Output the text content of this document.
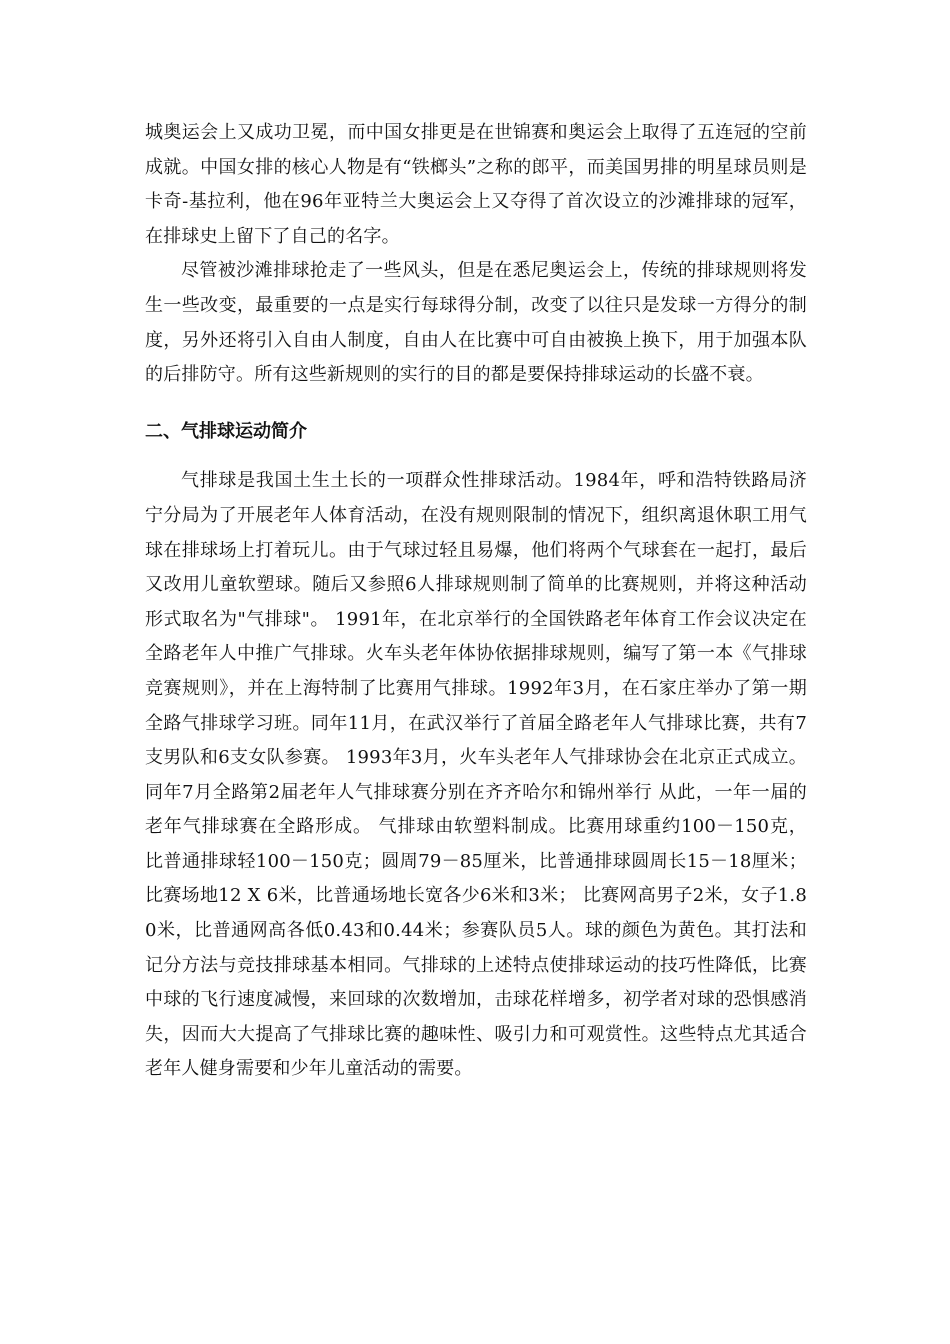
城奥运会上又成功卫冕，而中国女排更是在世锦赛和奥运会上取得了五连冠的空前成就。中国女排的核心人物是有“铁榔头”之称的郎平，而美国男排的明星球员则是卡奇-基拉利，他在96年亚特兰大奥运会上又夺得了首次设立的沙滩排球的冠军，在排球史上留下了自己的名字。

尽管被沙滩排球抢走了一些风头，但是在悉尼奥运会上，传统的排球规则将发生一些改变，最重要的一点是实行每球得分制，改变了以往只是发球一方得分的制度，另外还将引入自由人制度，自由人在比赛中可自由被换上换下，用于加强本队的后排防守。所有这些新规则的实行的目的都是要保持排球运动的长盛不衰。

二、气排球运动简介

气排球是我国土生土长的一项群众性排球活动。1984年，呼和浩特铁路局济宁分局为了开展老年人体育活动，在没有规则限制的情况下，组织离退休职工用气球在排球场上打着玩儿。由于气球过轻且易爆，他们将两个气球套在一起打，最后又改用儿童软塑球。随后又参照6人排球规则制了简单的比赛规则，并将这种活动形式取名为"气排球"。 1991年，在北京举行的全国铁路老年体育工作会议决定在全路老年人中推广气排球。火车头老年体协依据排球规则，编写了第一本《气排球竞赛规则》，并在上海特制了比赛用气排球。1992年3月，在石家庄举办了第一期全路气排球学习班。同年11月，在武汉举行了首届全路老年人气排球比赛，共有7支男队和6支女队参赛。 1993年3月，火车头老年人气排球协会在北京正式成立。同年7月全路第2届老年人气排球赛分别在齐齐哈尔和锦州举行 从此，一年一届的老年气排球赛在全路形成。 气排球由软塑料制成。比赛用球重约100－150克， 比普通排球轻100－150克；圆周79－85厘米，比普通排球圆周长15－18厘米；比赛场地12 X 6米，比普通场地长宽各少6米和3米； 比赛网高男子2米，女子1.80米，比普通网高各低0.43和0.44米；参赛队员5人。球的颜色为黄色。其打法和记分方法与竞技排球基本相同。气排球的上述特点使排球运动的技巧性降低，比赛中球的飞行速度减慢，来回球的次数增加，击球花样增多，初学者对球的恐惧感消失，因而大大提高了气排球比赛的趣味性、吸引力和可观赏性。这些特点尤其适合老年人健身需要和少年儿童活动的需要。
